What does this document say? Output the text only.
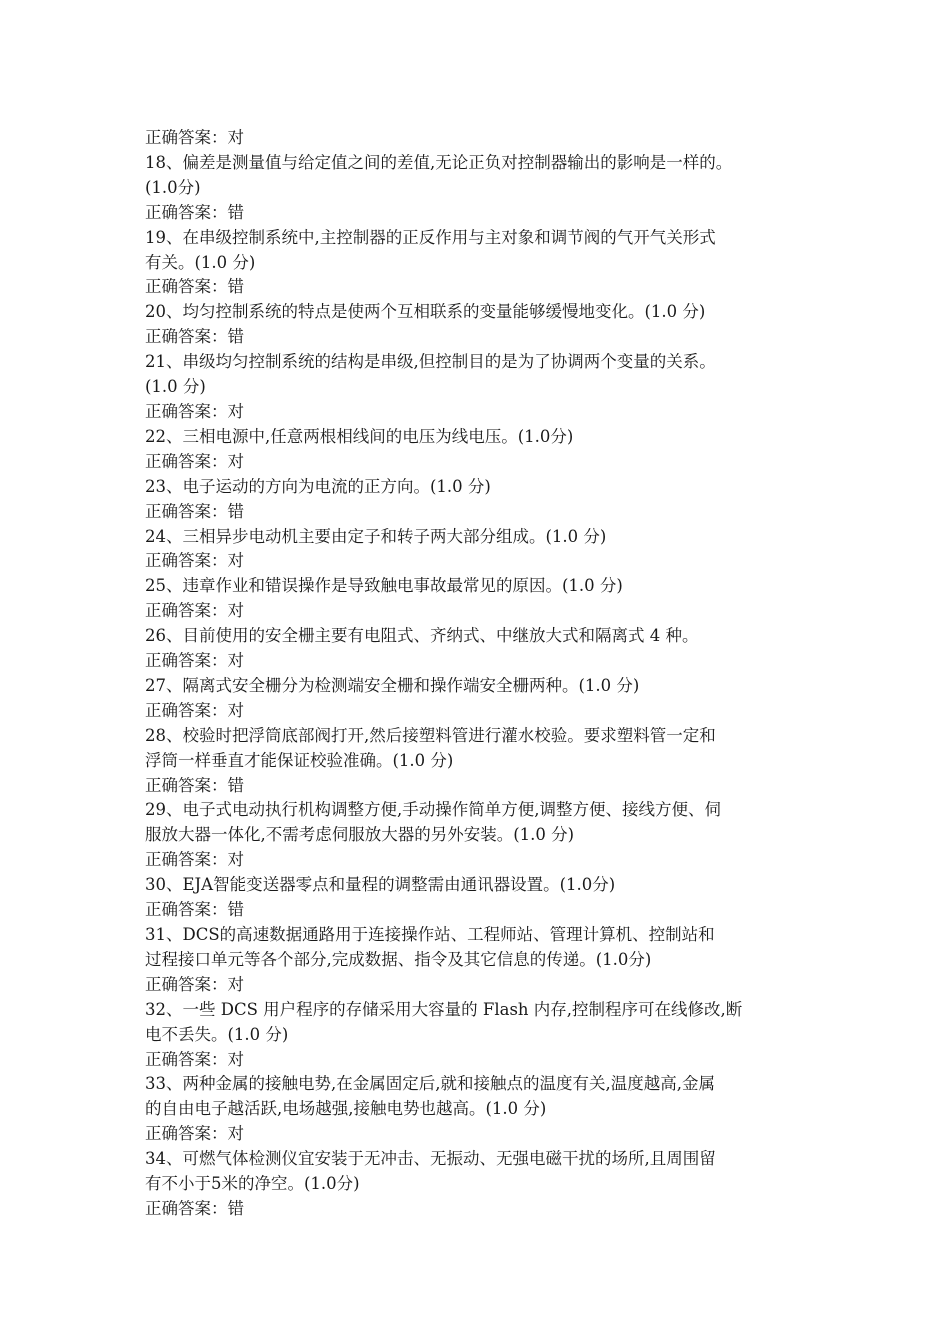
正确答案：对
18、偏差是测量值与给定值之间的差值,无论正负对控制器输出的影响是一样的。
(1.0分)
正确答案：错
19、在串级控制系统中,主控制器的正反作用与主对象和调节阀的气开气关形式
有关。(1.0 分)
正确答案：错
20、均匀控制系统的特点是使两个互相联系的变量能够缓慢地变化。(1.0 分)
正确答案：错
21、串级均匀控制系统的结构是串级,但控制目的是为了协调两个变量的关系。
(1.0 分)
正确答案：对
22、三相电源中,任意两根相线间的电压为线电压。(1.0分)
正确答案：对
23、电子运动的方向为电流的正方向。(1.0 分)
正确答案：错
24、三相异步电动机主要由定子和转子两大部分组成。(1.0 分)
正确答案：对
25、违章作业和错误操作是导致触电事故最常见的原因。(1.0 分)
正确答案：对
26、目前使用的安全栅主要有电阻式、齐纳式、中继放大式和隔离式 4 种。
正确答案：对
27、隔离式安全栅分为检测端安全栅和操作端安全栅两种。(1.0 分)
正确答案：对
28、校验时把浮筒底部阀打开,然后接塑料管进行灌水校验。要求塑料管一定和
浮筒一样垂直才能保证校验准确。(1.0 分)
正确答案：错
29、电子式电动执行机构调整方便,手动操作简单方便,调整方便、接线方便、伺
服放大器一体化,不需考虑伺服放大器的另外安装。(1.0 分)
正确答案：对
30、EJA智能变送器零点和量程的调整需由通讯器设置。(1.0分)
正确答案：错
31、DCS的高速数据通路用于连接操作站、工程师站、管理计算机、控制站和
过程接口单元等各个部分,完成数据、指令及其它信息的传递。(1.0分)
正确答案：对
32、一些 DCS 用户程序的存储采用大容量的 Flash 内存,控制程序可在线修改,断
电不丢失。(1.0 分)
正确答案：对
33、两种金属的接触电势,在金属固定后,就和接触点的温度有关,温度越高,金属
的自由电子越活跃,电场越强,接触电势也越高。(1.0 分)
正确答案：对
34、可燃气体检测仪宜安装于无冲击、无振动、无强电磁干扰的场所,且周围留
有不小于5米的净空。(1.0分)
正确答案：错
